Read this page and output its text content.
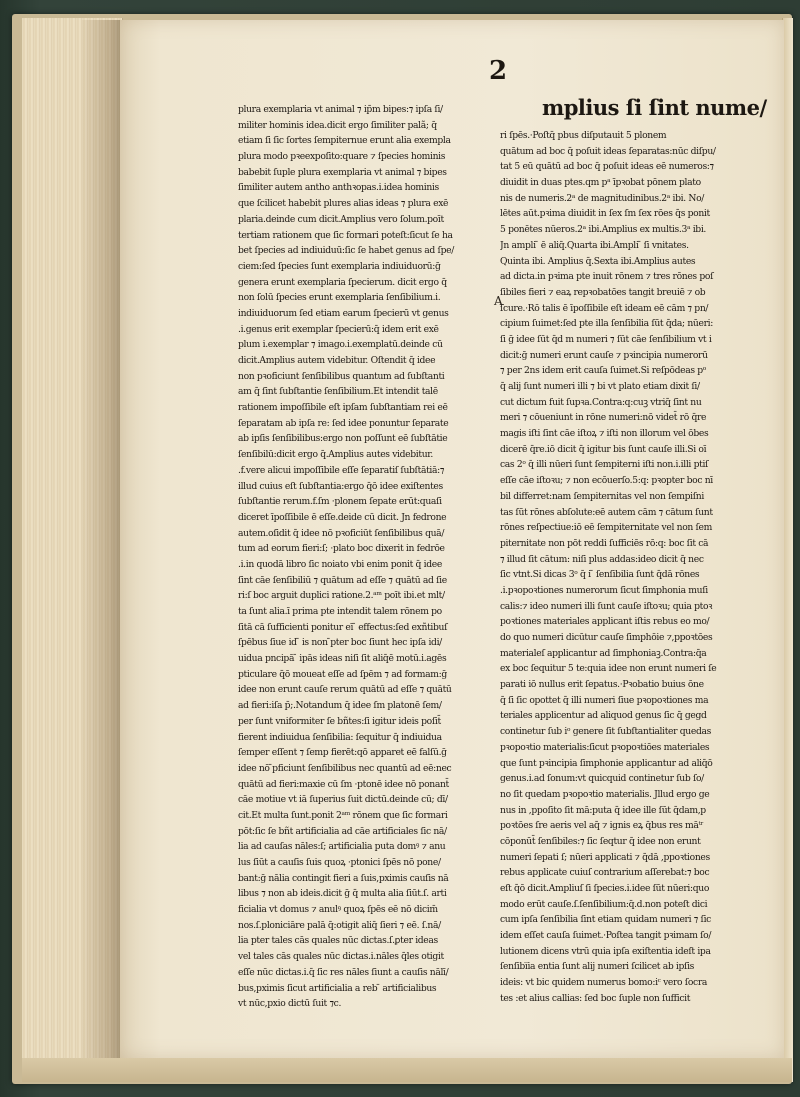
2
plura exemplaria vt animal ⁊ ip̄m bipes:⁊ ipſa ſi/
militer hominis idea.dicit ergo ſimiliter palã; q̄
etiam ſi ſic ſortes ſempiternue erunt alia exempla
plura modo pꝛeexpoſito:quare ⁊ ſpecies hominis
babebit ſuple plura exemplaria vt animal ⁊ bipes
ſimiliter autem antho anthꝛopas.i.idea hominis
que ſcilicet habebit plures alias ideas ⁊ plura exē
plaria.deinde cum dicit.Amplius vero ſolum.poīt
tertiam rationem que ſic formari poteſt:ſicut ſe ha
bet ſpecies ad indiuiduū:ſic ſe habet genus ad ſpe/
ciem:ſed ſpecies ſunt exemplaria indiuiduorū:ḡ
genera erunt exemplaria ſpecierum. dicit ergo q̄
non ſolū ſpecies erunt exemplaria ſenſibilium.i.
indiuiduorum ſed etiam earum ſpecierū vt genus
.i.genus erit exemplar ſpecierū:q̄ idem erit exē
plum i.exemplar ⁊ imago.i.exemplatū.deinde cū
dicit.Amplius autem videbitur. Oſtendit q̄ idee
non pꝛoficiunt ſenſibilibus quantum ad ſubſtanti
am q̄ ſint ſubſtantie ſenſibilium.Et intendit talē
rationem impoſſibile eſt ipſam ſubſtantiam rei eē
ſeparatam ab ipſa re: ſed idee ponuntur ſeparate
ab ipſis ſenſibilibus:ergo non poſſunt eē ſubſtātie
ſenſibilū:dicit ergo q̄.Amplius autes videbitur.
.f.vere alicui impoſſibile eſſe ſeparatiſ ſubſtātiā:⁊
illud cuius eſt ſubſtantia:ergo q̄ō idee exiſtentes
ſubſtantie rerum.f.ſm ·plonem ſepate erūt:quaſi
diceret īpoſſibile ē eſſe.deide cū dicit. Jn fedrone
autem.oſidit q̄ idee nō pꝛoficiūt ſenſibilibus quā/
tum ad eorum fieri:ſ; ·plato boc dixerit in fedrōe
.i.in quodā libro ſic noiato vbi enim ponit q̄ idee
ſint cāe ſenſibiliū ⁊ quātum ad eſſe ⁊ quātū ad ſie
ri:ſ boc arguit duplici ratione.2.ᵃᵐ poīt ibi.et mlt/
ta ſunt alia.ī prima pte intendit talem rōnem po
ſitā cā ſufficienti ponitur eī ̄ effectus:ſed exñtibuſ
ſpēbus ſiue id ̄ is non ̄pter boc ſiunt hec ipſa idi/
uidua pncipā ̄ ipās ideas niſi ſit aliq̄ē motū.i.agēs
pticulare q̄ō moueat eſſe ad ſpēm ⁊ ad formam:ḡ
idee non erunt cauſe rerum quātū ad eſſe ⁊ quātū
ad fieri:iſa p̄;.Notandum q̄ idee ſm platonē ſem/
per ſunt vniformiter ſe bñtes:ſi igitur ideis poſit̄
fierent indiuidua ſenſibilia: ſequitur q̄ indiuidua
ſemper eſſent ⁊ ſemp fierēt:qō apparet eē falſū.ḡ
idee nō ̄pficiunt ſenſibilibus nec quantū ad eē:nec
quātū ad fieri:maxie cū ſm ·ptonē idee nō ponant̄
cāe motiue vt iā ſuperius ſuit dictū.deinde cū; dī/
cit.Et multa ſunt.ponit 2ᵃᵐ rōnem que ſic formari
pōt:ſic ſe bñt artificialia ad cāe artificiales ſic nā/
lia ad cauſas nāles:ſ; artificialia puta domꝰ ⁊ anu
lus ſiūt a cauſis ſuis quoꝝ ·ptonici ſpēs nō pone/
bant:ḡ nālia contingit fieri a ſuis,pximis cauſis nā
libus ⁊ non ab ideis.dicit ḡ q̄ multa alia ſiūt.ſ. arti
ficialia vt domus ⁊ anulꝰ quoꝝ ſpēs eē nō dicim̄
nos.ſ.ploniciāre palā q̄:otigit aliq̄ ſieri ⁊ eē. ſ.nā/
lia pter tales cās quales nūc dictas.ſ.ꝑter ideas
vel tales cās quales nūc dictas.i.nāles q̄les otigit
eſſe nūc dictas.i.q̄ ſic res nāles ſiunt a cauſis nālī/
bus,pximis ſicut artificialia a reb ̄ artificialibus
vt nūc,pxio dictū ſuit ⁊c.
mplius ſi ſint nume/
A
ri ſpēs.·Poſtq̄ pbus diſputauit 5 plonem
quātum ad boc q̄ poſuit ideas ſeparatas:nūc diſpu/
tat 5 eū quātū ad boc q̄ poſuit ideas eē numeros:⁊
diuidit in duas ptes.qm pᵃ īpꝛobat pōnem plato
nis de numeris.2ᵃ de magnitudinibus.2ᵃ ibi. No/
lētes aūt.pꝛima diuidit in ſex ſm ſex rōes q̄s ponit
5 ponētes nūeros.2ᵃ ibi.Amplius ex multis.3ᵃ ibi.
Jn ampli ̄ ē aliq̄.Quarta ibi.Ampli ̄ ſi vnitates.
Quinta ibi. Amplius q̄.Sexta ibi.Amplius autes
ad dicta.in pꝛima pte inuit rōnem ⁊ tres rōnes poſ
ſibiles fieri ⁊ eaꝝ repꝛobatōes tangit breuiē ⁊ ob
ſcure.·Rō talis ē īpoſſibile eſt ideam eē cām ⁊ pn/
cipium ſuimet:ſed pte illa ſenſibilia ſūt q̄da; nūeri:
ſi ḡ idee ſūt q̄d m numeri ⁊ ſūt cāe ſenſibilium vt i
dicit:ḡ numeri erunt cauſe ⁊ pꝛincipia numerorū
⁊ per 2ns idem erit cauſa ſuimet.Si reſpōdeas pᵒ
q̄ alij ſunt numeri illi ⁊ bi vt plato etiam dixit ſi/
cut dictum fuit ſupꝛa.Contra:q:cuꝫ vtriq̄ ſint nu
meri ⁊ cōueniunt in rōne numeri:nō videt̄ rō q̄re
magis iſti ſint cāe iſtoꝝ ⁊ iſti non illorum vel ōbes
dicerē q̄re.iō dicit q̄ igitur bis ſunt cauſe illi.Si oī
cas 2ᵒ q̄ illi nūeri ſunt ſempiterni iſti non.i.illi ptiſ
eſſe cāe iſtoꝛu; ⁊ non ecōuerſo.5:q: pꝛopter boc nī
bil differret:nam ſempiternitas vel non ſempiſni
tas ſūt rōnes abſolute:eē autem cām ⁊ cātum ſunt
rōnes reſpectiue:iō eē ſempiternitate vel non ſem
piternitate non pōt reddi ſufficiēs rō:q: boc ſit cā
⁊ illud ſit cātum: niſi plus addas:ideo dicit q̄ nec
ſic vtnt.Si dicas 3ᵒ q̄ i ̄ ſenſibilia ſunt q̄dā rōnes
.i.pꝛopoꝛtiones numerorum ſicut ſimphonia muſi
calis:⁊ ideo numeri illi ſunt cauſe iſtoꝛu; quia ptoꝛ
poꝛtiones materiales applicant iſtis rebus eo mo/
do quo numeri dicūtur cauſe ſimphōie ⁊,ppoꝛtōes
materialeſ applicantur ad ſimphoniaꝫ.Contra:q̄a
ex boc ſequitur 5 te:quia idee non erunt numeri ſe
parati iō nullus erit ſepatus.·Pꝛobatio buius ōne
q̄ ſi ſic opottet q̄ illi numeri ſiue pꝛopoꝛtiones ma
teriales applicentur ad aliquod genus ſic q̄ gegd
continetur ſub iᵒ genere ſit ſubſtantialiter quedas
pꝛopoꝛtio materialis:ſicut pꝛopoꝛtiōes materiales
que ſunt pꝛincipia ſimphonie applicantur ad aliq̄ō
genus.i.ad ſonum:vt quicquid continetur ſub ſo/
no ſit quedam pꝛopoꝛtio materialis. Jllud ergo ge
nus in ,ppoſito ſit mā:puta q̄ idee ille ſūt q̄dam,p
poꝛtōes ſre aeris vel aq̄ ⁊ ignis eꝝ q̄bus res māᵗʳ
cōponūt̄ ſenſibiles:⁊ ſic ſeqtur q̄ idee non erunt
numeri ſepati ſ; nūeri applicati ⁊ q̄dā ,ppoꝛtiones
rebus applicate cuiuſ contrarium aſſerebat:⁊ boc
eſt q̄ō dicit.Ampliuſ ſi ſpecies.i.idee ſūt nūeri:quo
modo erūt cauſe.ſ.ſenſibilium:q̄.d.non poteſt dici
cum ipſa ſenſibilia ſint etiam quidam numeri ⁊ ſic
idem eſſet cauſa ſuimet.·Poſtea tangit pꝛimam ſo/
lutionem dicens vtrū quia ipſa exiſtentia ideſt ipa
ſenſibi̅ia entia ſunt alij numeri ſcilicet ab ipſis
ideis: vt bic quidem numerus bomo:iᶜ vero ſocra
tes :et alius callias: ſed boc ſuple non ſufficit
